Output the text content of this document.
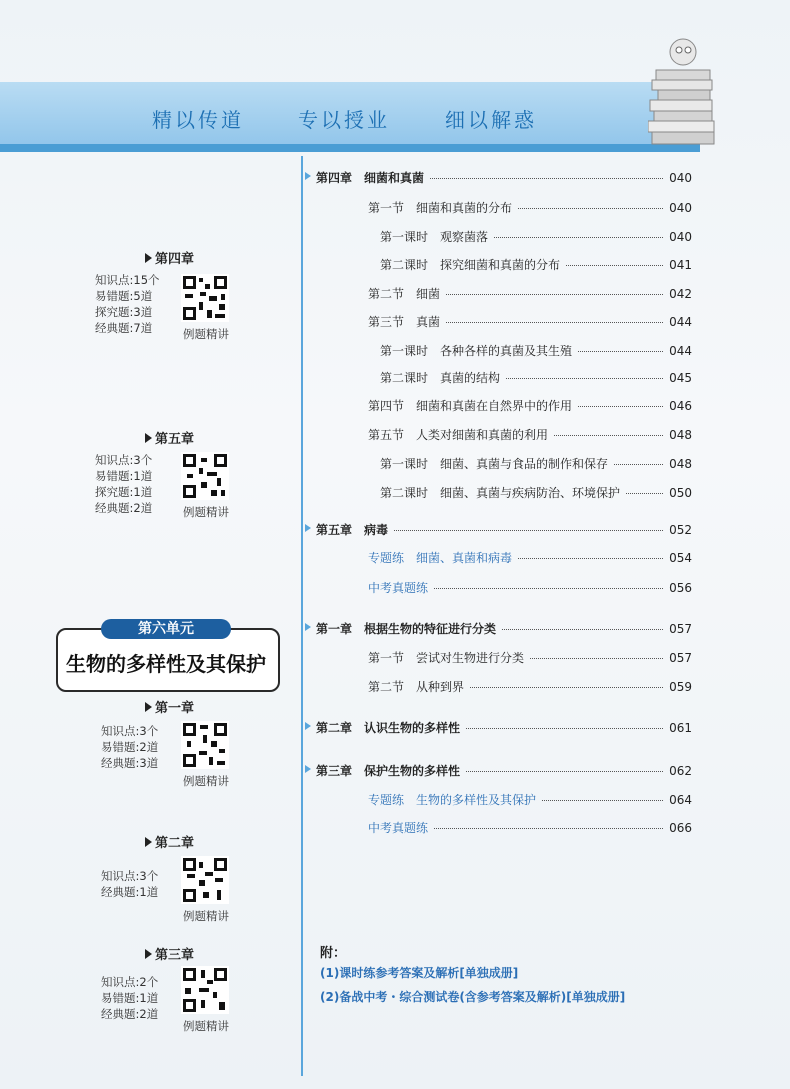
精以传道	专以授业	细以解惑
第四章
知识点:15个
易错题:5道
探究题:3道
经典题:7道	例题精讲
第五章
知识点:3个
易错题:1道
探究题:1道
经典题:2道	例题精讲
第六单元
生物的多样性及其保护
第一章
知识点:3个
易错题:2道
经典题:3道
例题精讲
第二章
知识点:3个
经典题:1道
例题精讲
第三章
知识点:2个
易错题:1道
经典题:2道
例题精讲
第四章　细菌和真菌	040
第一节　细菌和真菌的分布	040
第一课时　观察菌落	040
第二课时　探究细菌和真菌的分布	041
第二节　细菌	042
第三节　真菌	044
第一课时　各种各样的真菌及其生殖	044
第二课时　真菌的结构	045
第四节　细菌和真菌在自然界中的作用	046
第五节　人类对细菌和真菌的利用	048
第一课时　细菌、真菌与食品的制作和保存	048
第二课时　细菌、真菌与疾病防治、环境保护	050
第五章　病毒	052
专题练　细菌、真菌和病毒	054
中考真题练	056
第一章　根据生物的特征进行分类	057
第一节　尝试对生物进行分类	057
第二节　从种到界	059
第二章　认识生物的多样性	061
第三章　保护生物的多样性	062
专题练　生物的多样性及其保护	064
中考真题练	066
附：
(1)课时练参考答案及解析[单独成册]
(2)备战中考・综合测试卷(含参考答案及解析)[单独成册]
